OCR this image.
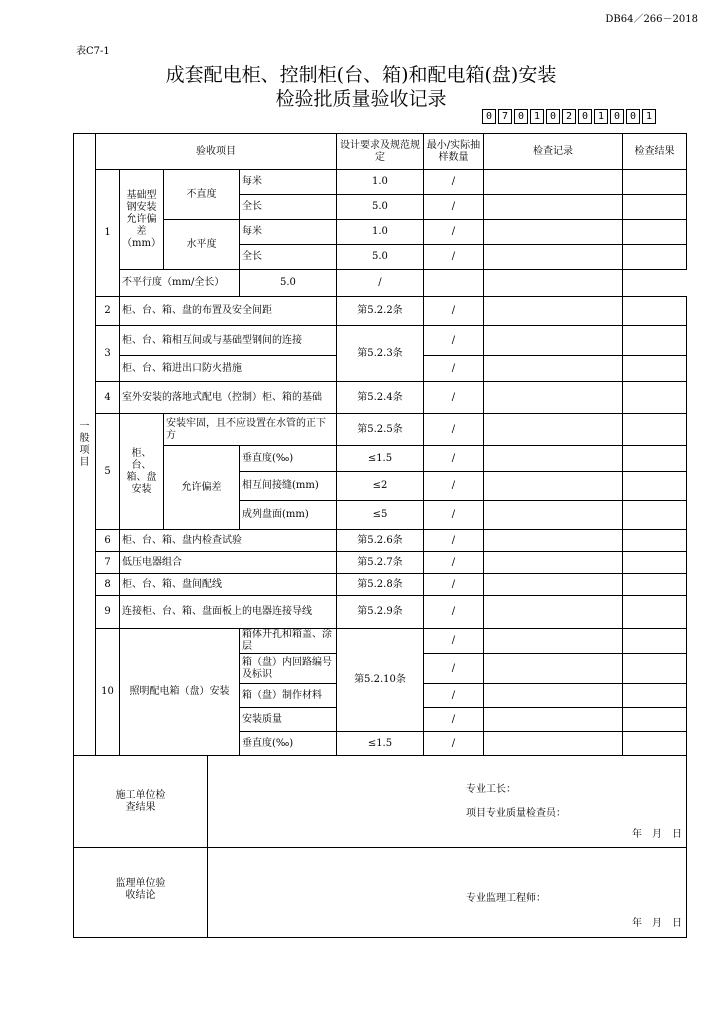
DB64／266－2018
表C7-1
成套配电柜、控制柜(台、箱)和配电箱(盘)安装
检验批质量验收记录
0 7 0 1 0 2 0 1 0 0 1
一般项目	验收项目					设计要求及规范规定	最小/实际抽样数量	检查记录	检查结果
	1	基础型钢安装允许偏差（mm）	不直度		每米	1.0	/		
					全长	5.0	/		
			水平度		每米	1.0	/		
					全长	5.0	/		
		不平行度（mm/全长）			5.0	/			
	2	柜、台、箱、盘的布置及安全间距				第5.2.2条	/		
	3	柜、台、箱相互间或与基础型钢间的连接				第5.2.3条	/		
		柜、台、箱进出口防火措施					/		
	4	室外安装的落地式配电（控制）柜、箱的基础				第5.2.4条	/		
	5	柜、台、箱、盘安装	安装牢固，且不应设置在水管的正下方			第5.2.5条	/		
			允许偏差		垂直度(‰)	≤1.5	/		
					相互间接缝(mm)	≤2	/		
					成列盘面(mm)	≤5	/		
	6	柜、台、箱、盘内检查试验				第5.2.6条	/		
	7	低压电器组合				第5.2.7条	/		
	8	柜、台、箱、盘间配线				第5.2.8条	/		
	9	连接柜、台、箱、盘面板上的电器连接导线				第5.2.9条	/		
	10	照明配电箱（盘）安装			箱体开孔和箱盖、涂层	第5.2.10条	/		
					箱（盘）内回路编号及标识		/		
					箱（盘）制作材料		/		
					安装质量		/		
					垂直度(‰)	≤1.5	/		
施工单位检查结果				专业工长：
项目专业质量检查员：
年　月　日					

监理单位验收结论				专业监理工程师：
年　月　日					
